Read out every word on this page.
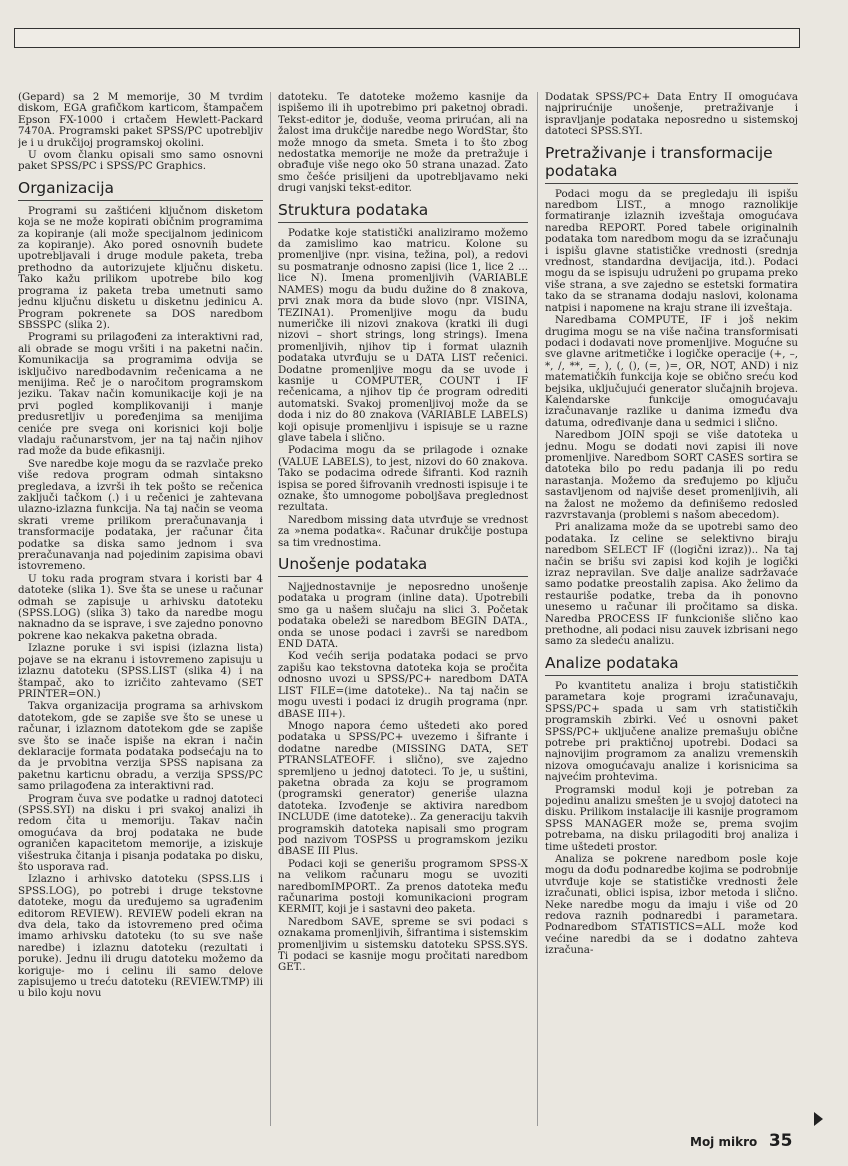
(Gepard) sa 2 M memorije, 30 M tvrdim diskom, EGA grafičkom karticom, štampačem Epson FX-1000 i crtačem Hewlett-Packard 7470A. Programski paket SPSS/PC upotrebljiv je i u drukčijoj programskoj okolini.

U ovom članku opisali smo samo osnovni paket SPSS/PC i SPSS/PC Graphics.

Organizacija

Programi su zaštićeni ključnom disketom koja se ne može kopirati običnim programima za kopiranje (ali može specijalnom jedinicom za kopiranje). Ako pored osnovnih budete upotrebljavali i druge module paketa, treba prethodno da autorizujete ključnu disketu. Tako kažu prilikom upotrebe bilo kog programa iz paketa treba umetnuti samo jednu ključnu disketu u disketnu jedinicu A. Program pokrenete sa DOS naredbom SBSSPC (slika 2).

Programi su prilagođeni za interaktivni rad, ali obrade se mogu vršiti i na paketni način. Komunikacija sa programima odvija se isključivo naredbodavnim rečenicama a ne menijima. Reč je o naročitom programskom jeziku. Takav način komunikacije koji je na prvi pogled komplikovaniji i manje predusretljiv u poređenjima sa menijima ceniće pre svega oni korisnici koji bolje vladaju računarstvom, jer na taj način njihov rad može da bude efikasniji.

Sve naredbe koje mogu da se razvlače preko više redova program odmah sintaksno pregledava, a izvrši ih tek pošto se rečenica zaključi tačkom (.) i u rečenici je zahtevana ulazno-izlazna funkcija. Na taj način se veoma skrati vreme prilikom preračunavanja i transformacije podataka, jer računar čita podatke sa diska samo jednom i sva preračunavanja nad pojedinim zapisima obavi istovremeno.

U toku rada program stvara i koristi bar 4 datoteke (slika 1). Sve šta se unese u računar odmah se zapisuje u arhivsku datoteku (SPSS.LOG) (slika 3) tako da naredbe mogu naknadno da se isprave, i sve zajedno ponovno pokrene kao nekakva paketna obrada.

Izlazne poruke i svi ispisi (izlazna lista) pojave se na ekranu i istovremeno zapisuju u izlaznu datoteku (SPSS.LIST (slika 4) i na štampač, ako to izričito zahtevamo (SET PRINTER=ON.)

Takva organizacija programa sa arhivskom datotekom, gde se zapiše sve što se unese u računar, i izlaznom datotekom gde se zapiše sve što se inače ispiše na ekran i način deklaracije formata podataka podsećaju na to da je prvobitna verzija SPSS napisana za paketnu karticnu obradu, a verzija SPSS/PC samo prilagođena za interaktivni rad.

Program čuva sve podatke u radnoj datoteci (SPSS.SYI) na disku i pri svakoj analizi ih redom čita u memoriju. Takav način omogućava da broj podataka ne bude ograničen kapacitetom memorije, a iziskuje višestruka čitanja i pisanja podataka po disku, što usporava rad.

Izlazno i arhivsko datoteku (SPSS.LIS i SPSS.LOG), po potrebi i druge tekstovne datoteke, mogu da uređujemo sa ugrađenim editorom REVIEW). REVIEW podeli ekran na dva dela, tako da istovremeno pred očima imamo arhivsku datoteku (to su sve naše naredbe) i izlaznu datoteku (rezultati i poruke). Jednu ili drugu datoteku možemo da koriguje- mo i celinu ili samo delove zapisujemo u treću datoteku (REVIEW.TMP) ili u bilo koju novu

datoteku. Te datoteke možemo kasnije da ispišemo ili ih upotrebimo pri paketnoj obradi. Tekst-editor je, doduše, veoma prirućan, ali na žalost ima drukčije naredbe nego WordStar, što može mnogo da smeta. Smeta i to što zbog nedostatka memorije ne može da pretražuje i obrađuje više nego oko 50 strana unazad. Zato smo češće prisiljeni da upotrebljavamo neki drugi vanjski tekst-editor.

Struktura podataka

Podatke koje statistički analiziramo možemo da zamislimo kao matricu. Kolone su promenljive (npr. visina, težina, pol), a redovi su posmatranje odnosno zapisi (lice 1, lice 2 ... lice N). Imena promenljivih (VARIABLE NAMES) mogu da budu dužine do 8 znakova, prvi znak mora da bude slovo (npr. VISINA, TEZINA1). Promenljive mogu da budu numeričke ili nizovi znakova (kratki ili dugi nizovi – short strings, long strings). Imena promenljivih, njihov tip i format ulaznih podataka utvrđuju se u DATA LIST rečenici. Dodatne promenljive mogu da se uvode i kasnije u COMPUTER, COUNT i IF rečenicama, a njihov tip će program odrediti automatski. Svakoj promenljivoj može da se doda i niz do 80 znakova (VARIABLE LABELS) koji opisuje promenljivu i ispisuje se u razne glave tabela i slično.

Podacima mogu da se prilagode i oznake (VALUE LABELS), to jest, nizovi do 60 znakova. Tako se podacima odrede šifranti. Kod raznih ispisa se pored šifrovanih vrednosti ispisuje i te oznake, što umnogome poboljšava preglednost rezultata.

Naredbom missing data utvrđuje se vrednost za »nema podatka«. Računar drukčije postupa sa tim vrednostima.

Unošenje podataka

Najjednostavnije je neposredno unošenje podataka u program (inline data). Upotrebili smo ga u našem slučaju na slici 3. Početak podataka obeleži se naredbom BEGIN DATA., onda se unose podaci i završi se naredbom END DATA.

Kod većih serija podataka podaci se prvo zapišu kao tekstovna datoteka koja se pročita odnosno uvozi u SPSS/PC+ naredbom DATA LIST FILE=(ime datoteke).. Na taj način se mogu uvesti i podaci iz drugih programa (npr. dBASE III+).

Mnogo napora ćemo uštedeti ako pored podataka u SPSS/PC+ uvezemo i šifrante i dodatne naredbe (MISSING DATA, SET PTRANSLATEOFF. i slično), sve zajedno spremljeno u jednoj datoteci. To je, u suštini, paketna obrada za koju se programom (programski generator) generiše ulazna datoteka. Izvođenje se aktivira naredbom INCLUDE (ime datoteke).. Za generaciju takvih programskih datoteka napisali smo program pod nazivom TOSPSS u programskom jeziku dBASE III Plus.

Podaci koji se generišu programom SPSS-X na velikom računaru mogu se uvoziti naredbomIMPORT.. Za prenos datoteka među računarima postoji komunikacioni program KERMIT, koji je i sastavni deo paketa.

Naredbom SAVE, spreme se svi podaci s oznakama promenljivih, šifrantima i sistemskim promenljivim u sistemsku datoteku SPSS.SYS. Ti podaci se kasnije mogu pročitati naredbom GET..

Dodatak SPSS/PC+ Data Entry II omogućava najprirućnije unošenje, pretraživanje i ispravljanje podataka neposredno u sistemskoj datoteci SPSS.SYI.

Pretraživanje i transformacije podataka

Podaci mogu da se pregledaju ili ispišu naredbom LIST., a mnogo raznolikije formatiranje izlaznih izveštaja omogućava naredba REPORT. Pored tabele originalnih podataka tom naredbom mogu da se izračunaju i ispišu glavne statističke vrednosti (srednja vrednost, standardna devijacija, itd.). Podaci mogu da se ispisuju udruženi po grupama preko više strana, a sve zajedno se estetski formatira tako da se stranama dodaju naslovi, kolonama natpisi i napomene na kraju strane ili izveštaja.

Naredbama COMPUTE, IF i još nekim drugima mogu se na više načina transformisati podaci i dodavati nove promenljive. Mogućne su sve glavne aritmetičke i logičke operacije (+, –, *, /, **, =, ), (, (), (=, )=, OR, NOT, AND) i niz matematičkih funkcija koje se obično sreću kod bejsika, uključujući generator slučajnih brojeva. Kalendarske funkcije omogućavaju izračunavanje razlike u danima između dva datuma, određivanje dana u sedmici i slično.

Naredbom JOIN spoji se više datoteka u jednu. Mogu se dodati novi zapisi ili nove promenljive. Naredbom SORT CASES sortira se datoteka bilo po redu padanja ili po redu narastanja. Možemo da sređujemo po ključu sastavljenom od najviše deset promenljivih, ali na žalost ne možemo da definišemo redosled razvrstavanja (problemi s našom abecedom).

Pri analizama može da se upotrebi samo deo podataka. Iz celine se selektivno biraju naredbom SELECT IF ((logični izraz)).. Na taj način se brišu svi zapisi kod kojih je logički izraz nepravilan. Sve dalje analize sadržavaće samo podatke preostalih zapisa. Ako želimo da restauriše podatke, treba da ih ponovno unesemo u računar ili pročitamo sa diska. Naredba PROCESS IF funkcioniše slično kao prethodne, ali podaci nisu zauvek izbrisani nego samo za sledeću analizu.

Analize podataka

Po kvantitetu analiza i broju statističkih parametara koje programi izračunavaju, SPSS/PC+ spada u sam vrh statističkih programskih zbirki. Već u osnovni paket SPSS/PC+ uključene analize premašuju obične potrebe pri praktičnoj upotrebi. Dodaci sa najnovijim programom za analizu vremenskih nizova omogućavaju analize i korisnicima sa najvećim prohtevima.

Programski modul koji je potreban za pojedinu analizu smešten je u svojoj datoteci na disku. Prilikom instalacije ili kasnije programom SPSS MANAGER može se, prema svojim potrebama, na disku prilagoditi broj analiza i time uštedeti prostor.

Analiza se pokrene naredbom posle koje mogu da dođu podnaredbe kojima se podrobnije utvrđuje koje se statističke vrednosti žele izračunati, oblici ispisa, izbor metoda i slično. Neke naredbe mogu da imaju i više od 20 redova raznih podnaredbi i parametara. Podnaredbom STATISTICS=ALL može kod većine naredbi da se i dodatno zahteva izračuna-

Moj mikro 35
